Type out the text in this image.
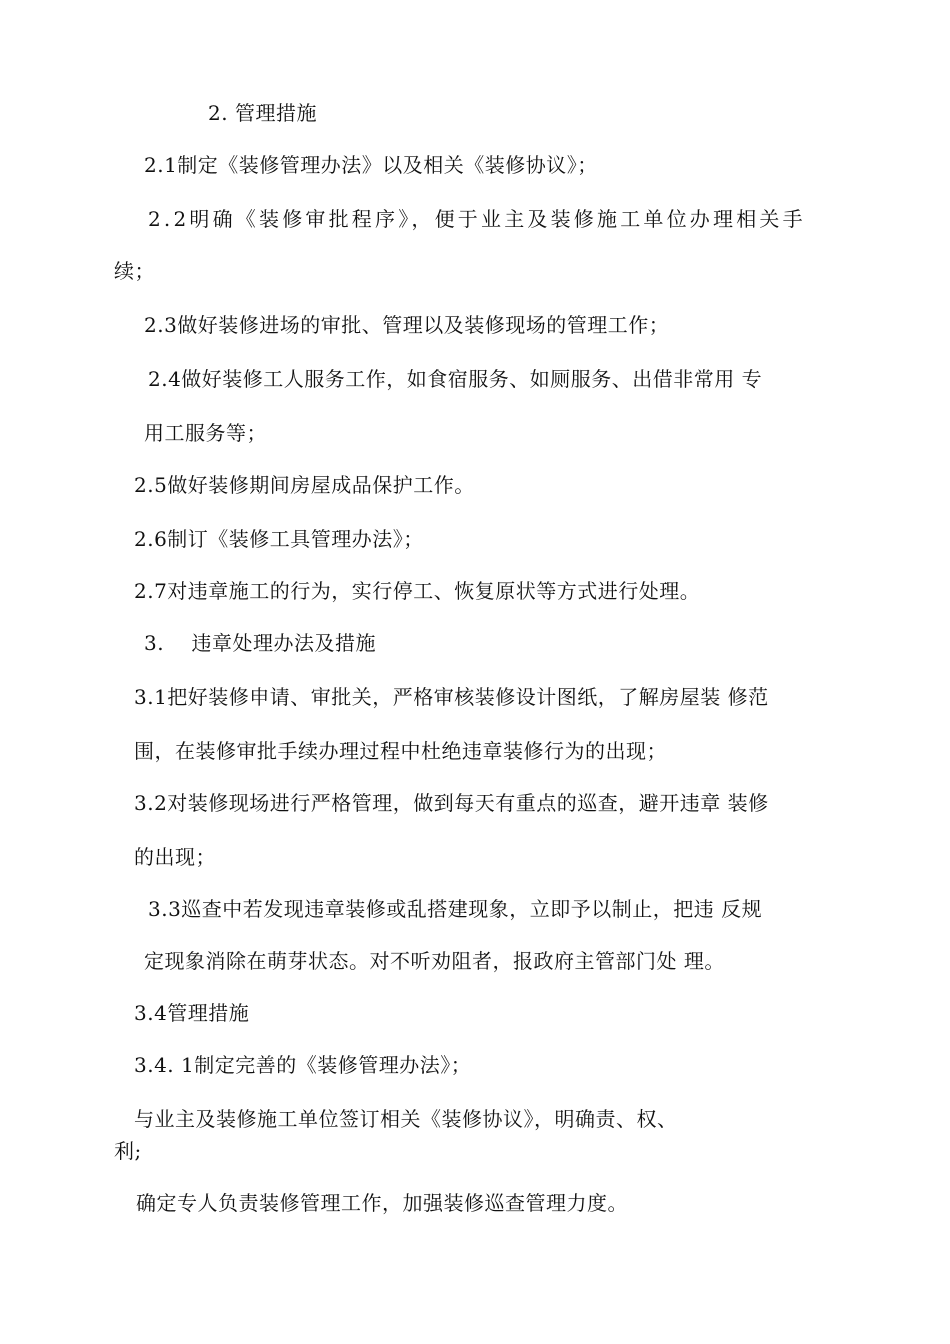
2. 管理措施
2.1制定《装修管理办法》以及相关《装修协议》；
2.2明确《装修审批程序》，便于业主及装修施工单位办理相关手
续；
2.3做好装修进场的审批、管理以及装修现场的管理工作；
2.4做好装修工人服务工作，如食宿服务、如厕服务、出借非常用 专
用工服务等；
2.5做好装修期间房屋成品保护工作。
2.6制订《装修工具管理办法》；
2.7对违章施工的行为，实行停工、恢复原状等方式进行处理。
3.    违章处理办法及措施
3.1把好装修申请、审批关，严格审核装修设计图纸，了解房屋装 修范
围，在装修审批手续办理过程中杜绝违章装修行为的出现；
3.2对装修现场进行严格管理，做到每天有重点的巡查，避开违章 装修
的出现；
3.3巡查中若发现违章装修或乱搭建现象，立即予以制止，把违 反规
定现象消除在萌芽状态。对不听劝阻者，报政府主管部门处 理。
3.4管理措施
3.4. 1制定完善的《装修管理办法》；
与业主及装修施工单位签订相关《装修协议》，明确责、权、
利;
确定专人负责装修管理工作，加强装修巡查管理力度。
